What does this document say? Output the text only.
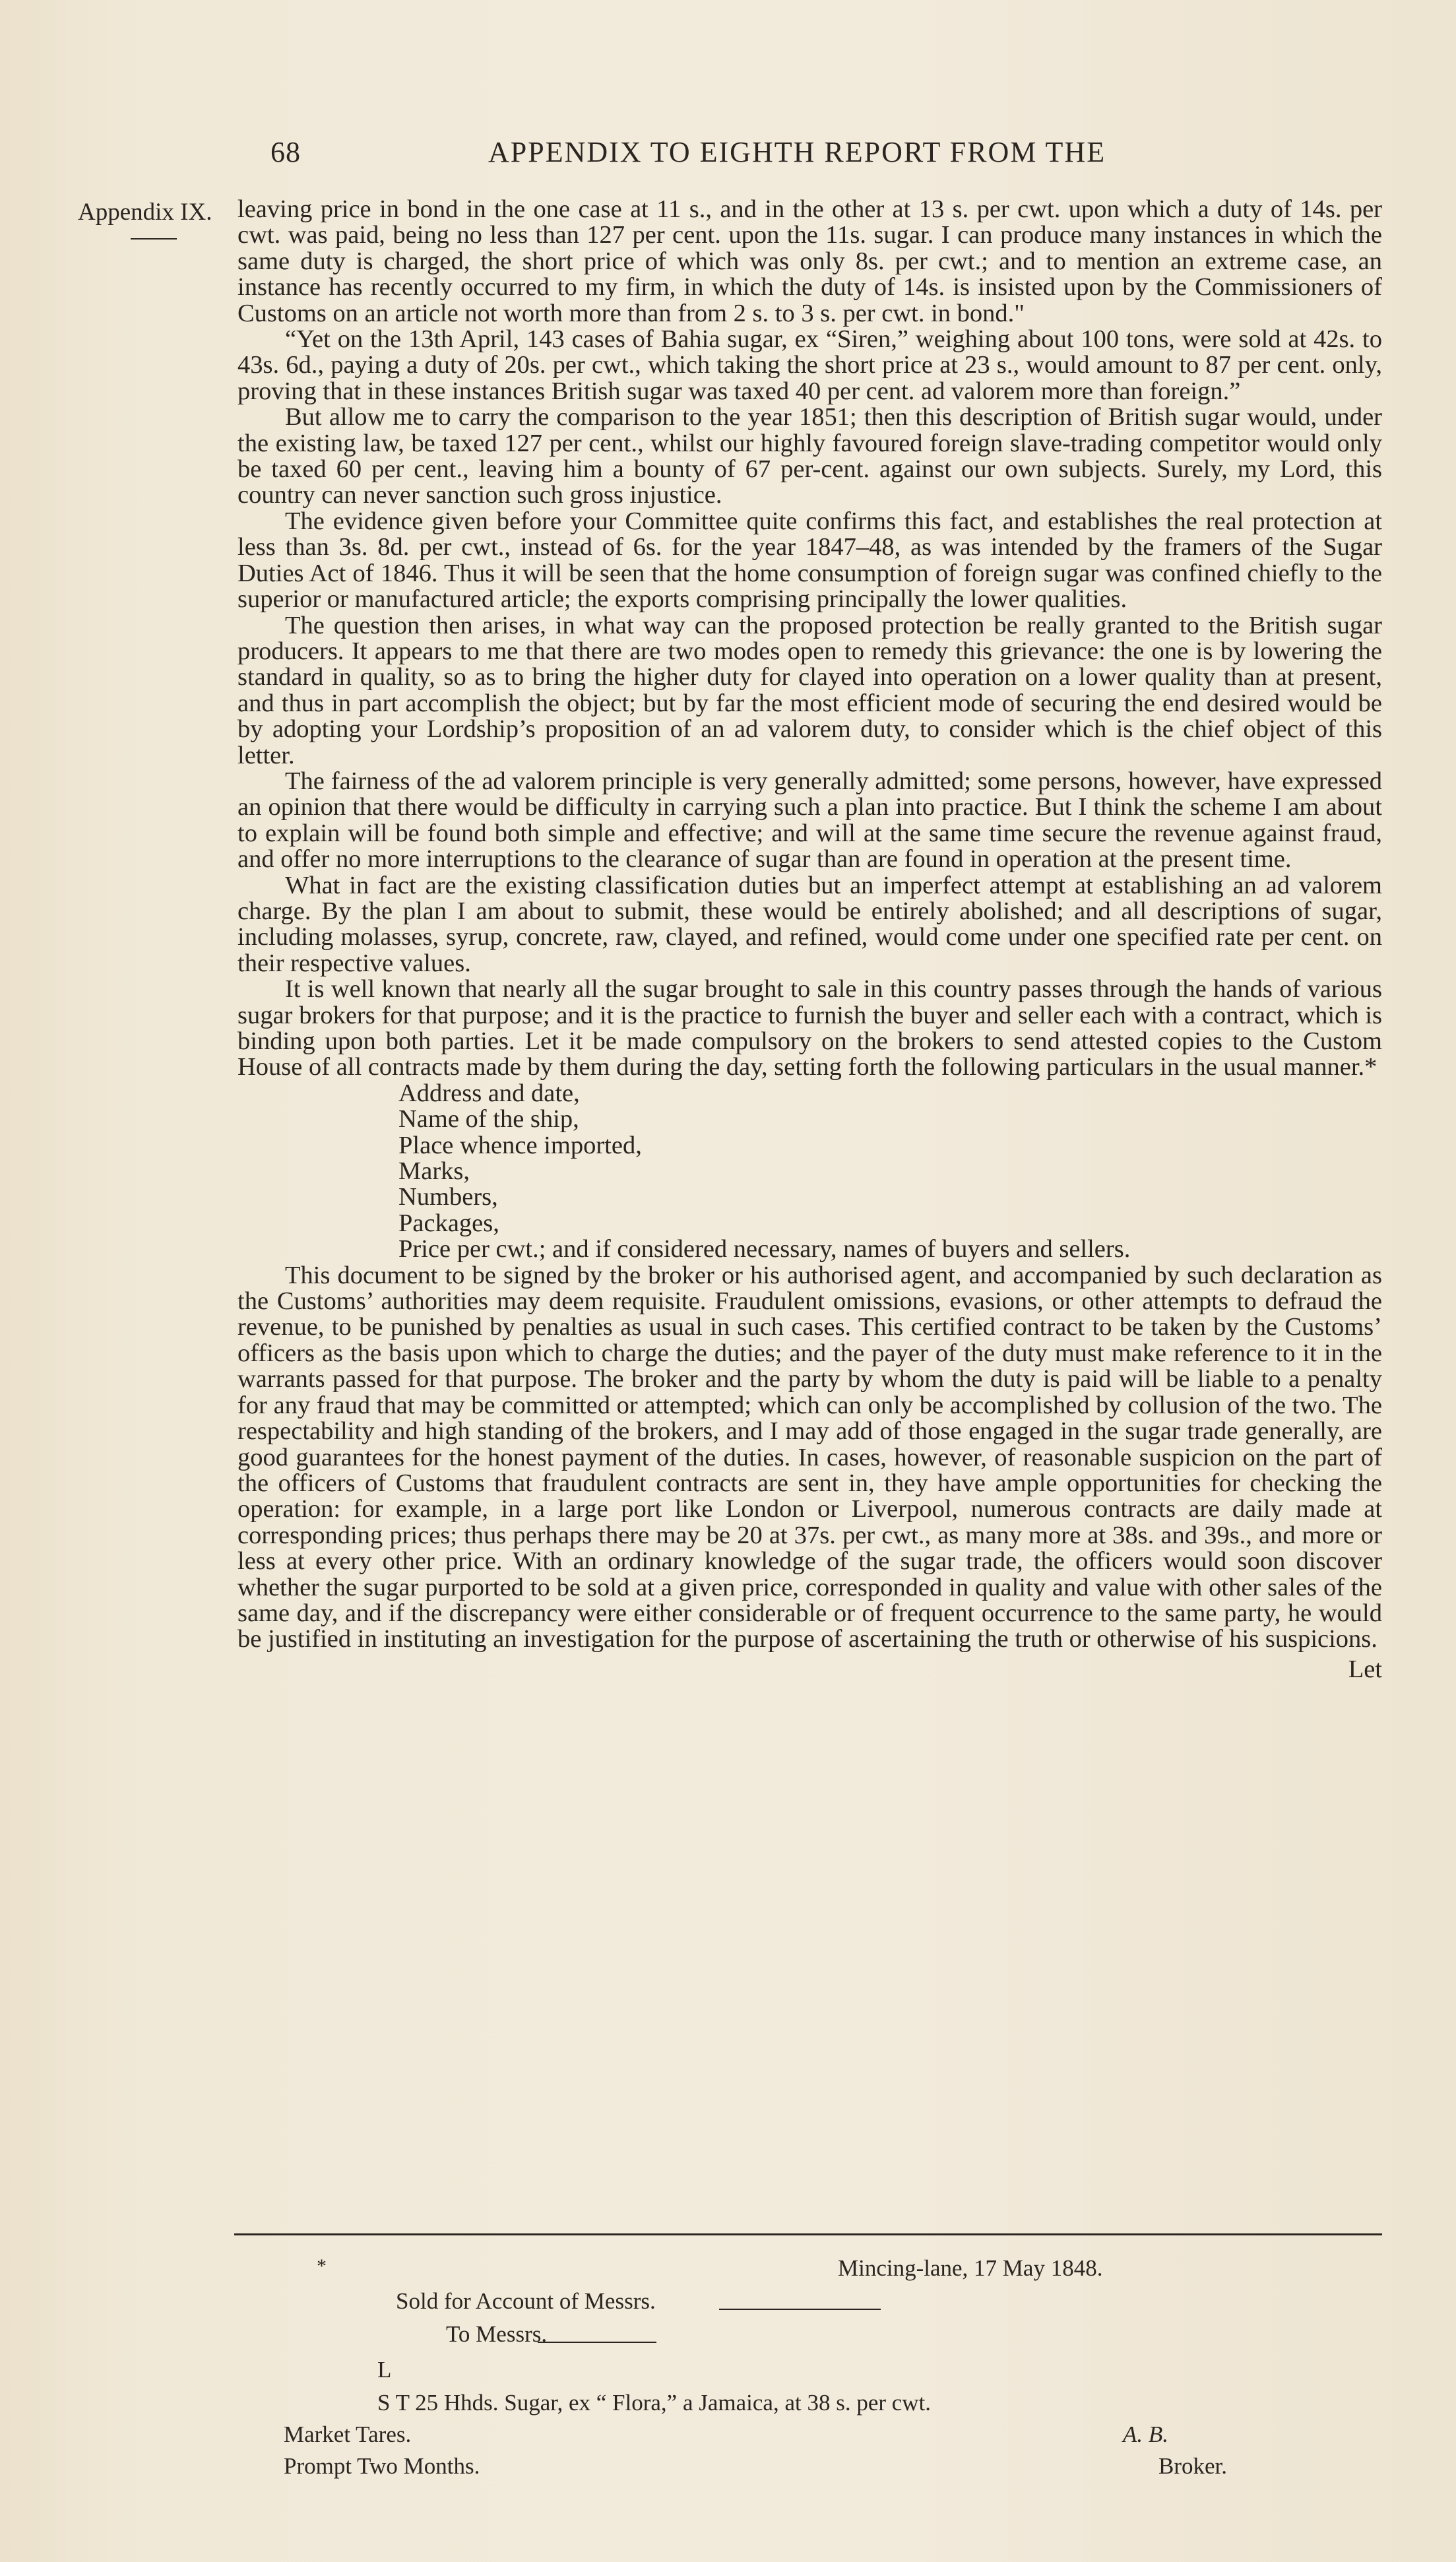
68	APPENDIX TO EIGHTH REPORT FROM THE
Appendix IX. leaving price in bond in the one case at 11 s., and in the other at 13 s. per cwt. upon which a duty of 14s. per cwt. was paid, being no less than 127 per cent. upon the 11s. sugar. I can produce many instances in which the same duty is charged, the short price of which was only 8s. per cwt.; and to mention an extreme case, an instance has recently occurred to my firm, in which the duty of 14s. is insisted upon by the Commissioners of Customs on an article not worth more than from 2 s. to 3 s. per cwt. in bond."

“Yet on the 13th April, 143 cases of Bahia sugar, ex “Siren,” weighing about 100 tons, were sold at 42s. to 43s. 6d., paying a duty of 20s. per cwt., which taking the short price at 23 s., would amount to 87 per cent. only, proving that in these instances British sugar was taxed 40 per cent. ad valorem more than foreign.”

But allow me to carry the comparison to the year 1851; then this description of British sugar would, under the existing law, be taxed 127 per cent., whilst our highly favoured foreign slave-trading competitor would only be taxed 60 per cent., leaving him a bounty of 67 per-cent. against our own subjects. Surely, my Lord, this country can never sanction such gross injustice.

The evidence given before your Committee quite confirms this fact, and establishes the real protection at less than 3s. 8d. per cwt., instead of 6s. for the year 1847–48, as was intended by the framers of the Sugar Duties Act of 1846. Thus it will be seen that the home consumption of foreign sugar was confined chiefly to the superior or manufactured article; the exports comprising principally the lower qualities.

The question then arises, in what way can the proposed protection be really granted to the British sugar producers. It appears to me that there are two modes open to remedy this grievance: the one is by lowering the standard in quality, so as to bring the higher duty for clayed into operation on a lower quality than at present, and thus in part accomplish the object; but by far the most efficient mode of securing the end desired would be by adopting your Lordship’s proposition of an ad valorem duty, to consider which is the chief object of this letter.

The fairness of the ad valorem principle is very generally admitted; some persons, however, have expressed an opinion that there would be difficulty in carrying such a plan into practice. But I think the scheme I am about to explain will be found both simple and effective; and will at the same time secure the revenue against fraud, and offer no more interruptions to the clearance of sugar than are found in operation at the present time.

What in fact are the existing classification duties but an imperfect attempt at establishing an ad valorem charge. By the plan I am about to submit, these would be entirely abolished; and all descriptions of sugar, including molasses, syrup, concrete, raw, clayed, and refined, would come under one specified rate per cent. on their respective values.

It is well known that nearly all the sugar brought to sale in this country passes through the hands of various sugar brokers for that purpose; and it is the practice to furnish the buyer and seller each with a contract, which is binding upon both parties. Let it be made compulsory on the brokers to send attested copies to the Custom House of all contracts made by them during the day, setting forth the following particulars in the usual manner.*

Address and date,
Name of the ship,
Place whence imported,
Marks,
Numbers,
Packages,

Price per cwt.; and if considered necessary, names of buyers and sellers.

This document to be signed by the broker or his authorised agent, and accompanied by such declaration as the Customs’ authorities may deem requisite. Fraudulent omissions, evasions, or other attempts to defraud the revenue, to be punished by penalties as usual in such cases. This certified contract to be taken by the Customs’ officers as the basis upon which to charge the duties; and the payer of the duty must make reference to it in the warrants passed for that purpose. The broker and the party by whom the duty is paid will be liable to a penalty for any fraud that may be committed or attempted; which can only be accomplished by collusion of the two. The respectability and high standing of the brokers, and I may add of those engaged in the sugar trade generally, are good guarantees for the honest payment of the duties. In cases, however, of reasonable suspicion on the part of the officers of Customs that fraudulent contracts are sent in, they have ample opportunities for checking the operation: for example, in a large port like London or Liverpool, numerous contracts are daily made at corresponding prices; thus perhaps there may be 20 at 37s. per cwt., as many more at 38s. and 39s., and more or less at every other price. With an ordinary knowledge of the sugar trade, the officers would soon discover whether the sugar purported to be sold at a given price, corresponded in quality and value with other sales of the same day, and if the discrepancy were either considerable or of frequent occurrence to the same party, he would be justified in instituting an investigation for the purpose of ascertaining the truth or otherwise of his suspicions.

Let

*	Mincing-lane, 17 May 1848.
Sold for Account of Messrs.
To Messrs.
L
S T 25 Hhds. Sugar, ex “ Flora,” a Jamaica, at 38 s. per cwt.
Market Tares.	A. B.
Prompt Two Months.	Broker.
